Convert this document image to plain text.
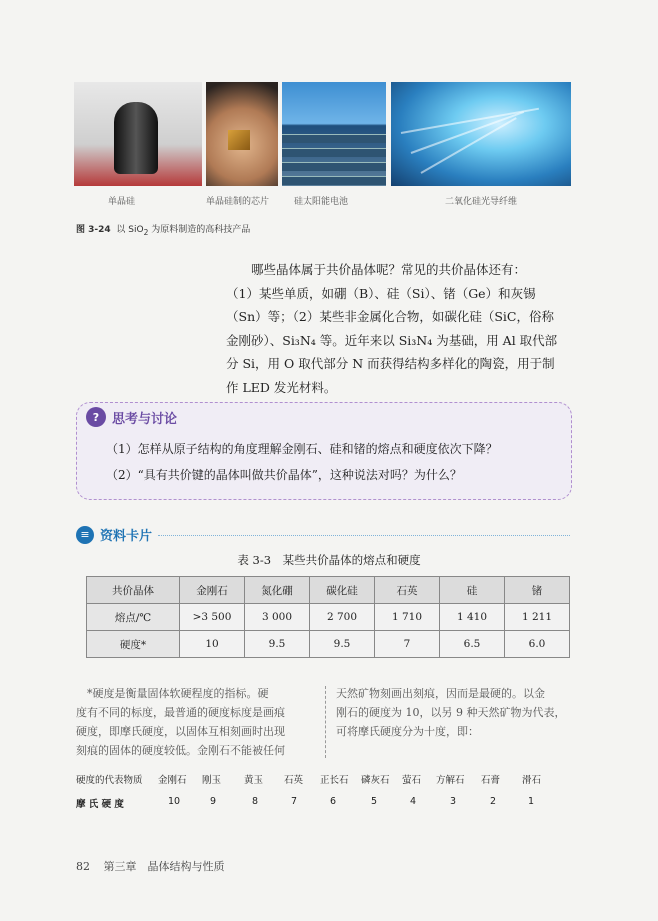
单晶硅	单晶硅制的芯片	硅太阳能电池	二氧化硅光导纤维
图 3-24 以 SiO$_2$ 为原料制造的高科技产品
哪些晶体属于共价晶体呢？常见的共价晶体还有：
（1）某些单质，如硼（B）、硅（Si）、锗（Ge）和灰锡
（Sn）等；（2）某些非金属化合物，如碳化硅（SiC，俗称
金刚砂）、Si₃N₄ 等。近年来以 Si₃N₄ 为基础，用 Al 取代部
分 Si，用 O 取代部分 N 而获得结构多样化的陶瓷，用于制
作 LED 发光材料。
? 思考与讨论
（1）怎样从原子结构的角度理解金刚石、硅和锗的熔点和硬度依次下降？
（2）“具有共价键的晶体叫做共价晶体”，这种说法对吗？为什么？
≡ 资料卡片
表 3-3　某些共价晶体的熔点和硬度
共价晶体	金刚石	氮化硼	碳化硅	石英	硅	锗
熔点/℃	>3 500	3 000	2 700	1 710	1 410	1 211
硬度*	10	9.5	9.5	7	6.5	6.0

*硬度是衡量固体软硬程度的指标。硬

度有不同的标度，最普通的硬度标度是画痕

硬度，即摩氏硬度，以固体互相刻画时出现

刻痕的固体的硬度较低。金刚石不能被任何

天然矿物刻画出刻痕，因而是最硬的。以金

刚石的硬度为 10，以另 9 种天然矿物为代表，

可将摩氏硬度分为十度，即：

硬度的代表物质 金刚石 刚玉 黄玉 石英 正长石 磷灰石 萤石 方解石 石膏 滑石
摩 氏 硬 度	10	9	8	7	6	5	4	3	2	1
82 第三章　晶体结构与性质
